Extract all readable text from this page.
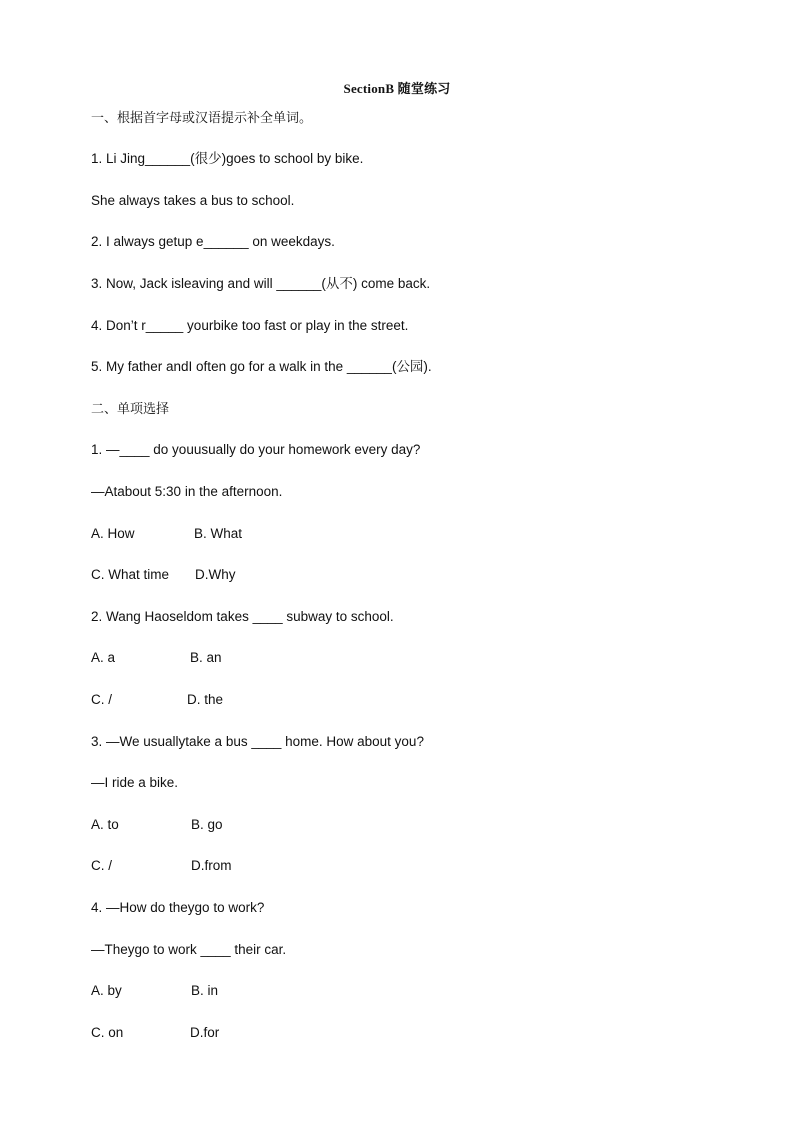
SectionB 随堂练习
一、根据首字母或汉语提示补全单词。
1. Li Jing______(很少)goes to school by bike.
She always takes a bus to school.
2. I always getup e______ on weekdays.
3. Now, Jack isleaving and will ______(从不) come back.
4. Don’t r_____ yourbike too fast or play in the street.
5. My father andI often go for a walk in the ______(公园).
二、单项选择
1. —____ do youusually do your homework every day?
—Atabout 5:30 in the afternoon.
A. How	B. What
C. What time D.Why
2. Wang Haoseldom takes ____ subway to school.
A. a	B. an
C. /	D. the
3. —We usuallytake a bus ____ home. How about you?
—I ride a bike.
A. to	B. go
C. /	D.from
4. —How do theygo to work?
—Theygo to work ____ their car.
A. by	B. in
C. on	D.for
